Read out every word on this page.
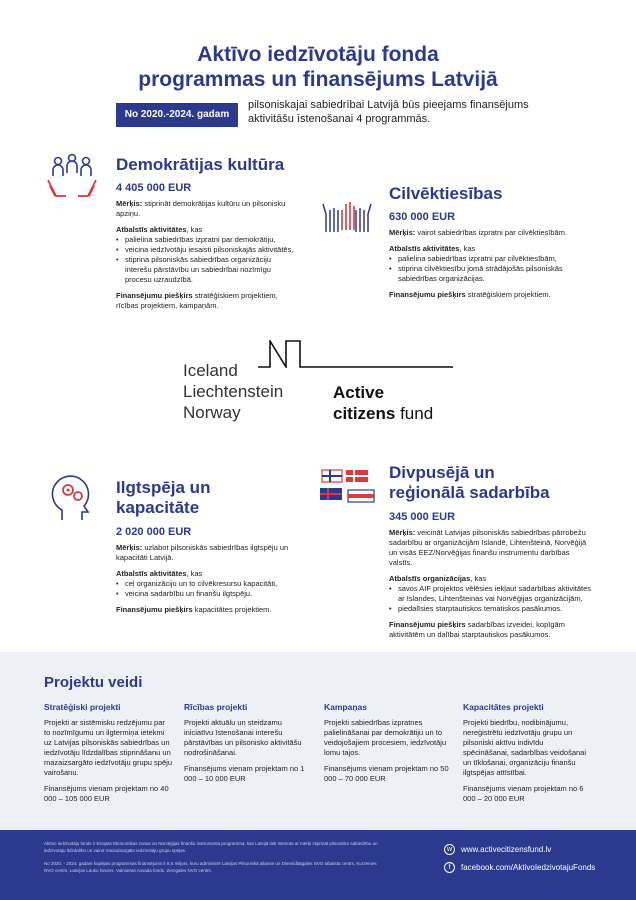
Aktīvo iedzīvotāju fonda
programmas un finansējums Latvijā
No 2020.-2024. gadam
pilsoniskajai sabiedrībai Latvijā būs pieejams finansējums aktivitāšu īstenošanai 4 programmās.
Demokrātijas kultūra
4 405 000 EUR

Mērķis: stiprināt demokrātijas kultūru un pilsonisku apziņu.

Atbalstīs aktivitātes, kas
• palielina sabiedrības izpratni par demokrātiju,
• veicina iedzīvotāju iesaisti pilsoniskajās aktivitātēs,
• stiprina pilsoniskās sabiedrības organizāciju interešu pārstāvību un sabiedrībai nozīmīgu procesu uzraudzībā.

Finansējumu piešķirs stratēģiskiem projektiem, rīcības projektiem, kampaņām.

Cilvēktiesības
630 000 EUR

Mērķis: vairot sabiedrības izpratni par cilvēktiesībām.

Atbalstīs aktivitātes, kas
• palielina sabiedrības izpratni par cilvēktiesībām,
• stiprina cilvēktiesību jomā strādājošās pilsoniskās sabiedrības organizācijas.

Finansējumu piešķirs stratēģiskiem projektiem.

Iceland
Liechtenstein
Norway
Active
citizens fund
Ilgtspēja un
kapacitāte
2 020 000 EUR

Mērķis: uzlabot pilsoniskās sabiedrības ilgtspēju un kapacitāti Latvijā.

Atbalstīs aktivitātes, kas
• ceļ organizāciju un to cilvēkresursu kapacitāti,
• veicina sadarbību un finanšu ilgtspēju.

Finansējumu piešķirs kapacitātes projektiem.

Divpusējā un
reģionālā sadarbība
345 000 EUR

Mērķis: veicināt Latvijas pilsoniskās sabiedrības pārrobežu sadarbību ar organizācijām Islandē, Lihtenšteinā, Norvēģijā un visās EEZ/Norvēģijas finanšu instrumentu darbības valstīs.

Atbalstīs organizācijas, kas
• savos AIF projektos vēlēsies iekļaut sadarbības aktivitātes ar Islandes, Lihtenšteinas vai Norvēģijas organizācijām,
• piedalīsies starptautiskos tematiskos pasākumos.

Finansējumu piešķirs sadarbības izveidei, kopīgām aktivitātēm un dalībai starptautiskos pasākumos.

Projektu veidi
Stratēģiski projekti

Projekti ar sistēmisku redzējumu par to nozīmīgumu un ilgtermiņa ietekmi uz Latvijas pilsoniskās sabiedrības un iedzīvotāju līdzdalības stiprināšanu un mazaizsargāto iedzīvotāju grupu spēju vairošanu.

Finansējums vienam projektam no 40 000 – 105 000 EUR

Rīcības projekti

Projekti aktuālu un steidzamu iniciatīvu īstenošanai interešu pārstāvības un pilsonisko aktivitāšu nodrošināšanai.

Finansējums vienam projektam no 1 000 – 10 000 EUR

Kampaņas

Projekti sabiedrības izpratnes palielināšanai par demokrātiju un to veidojošajiem procesiem, iedzīvotāju lomu tajos.

Finansējums vienam projektam no 50 000 – 70 000 EUR

Kapacitātes projekti

Projekti biedrību, nodibinājumu, nereģistrētu iedzīvotāju grupu un pilsoniski aktīvu indivīdu spēcināšanai, sadarbības veidošanai un tīklošanai, organizāciju finanšu ilgtspējas attīstībai.

Finansējums vienam projektam no 6 000 – 20 000 EUR

Aktīvo iedzīvotāju fonds ir Eiropas Ekonomikas zonas un Norvēģijas finanšu instrumenta programma, kas Latvijā tiek īstenota ar mērķi stiprināt pilsonisko sabiedrību un iedzīvotāju līdzdalību un vairot mazaizsargāto iedzīvotāju grupu spējas.

No 2020. - 2024. gadam kopējais programmas finansējums ir 8,5 miljoni, kuru administrē Latvijas Pilsoniskā alianse un Diennidlatgales NVO atbalsta centrs, Kurzemes NVO centrs, Latvijas Lauku forums, Valmieras novada fonds, Zemgales NVO centrs.

w	www.activecitizensfund.lv
f	facebook.com/AktivoIedzivotajuFonds
